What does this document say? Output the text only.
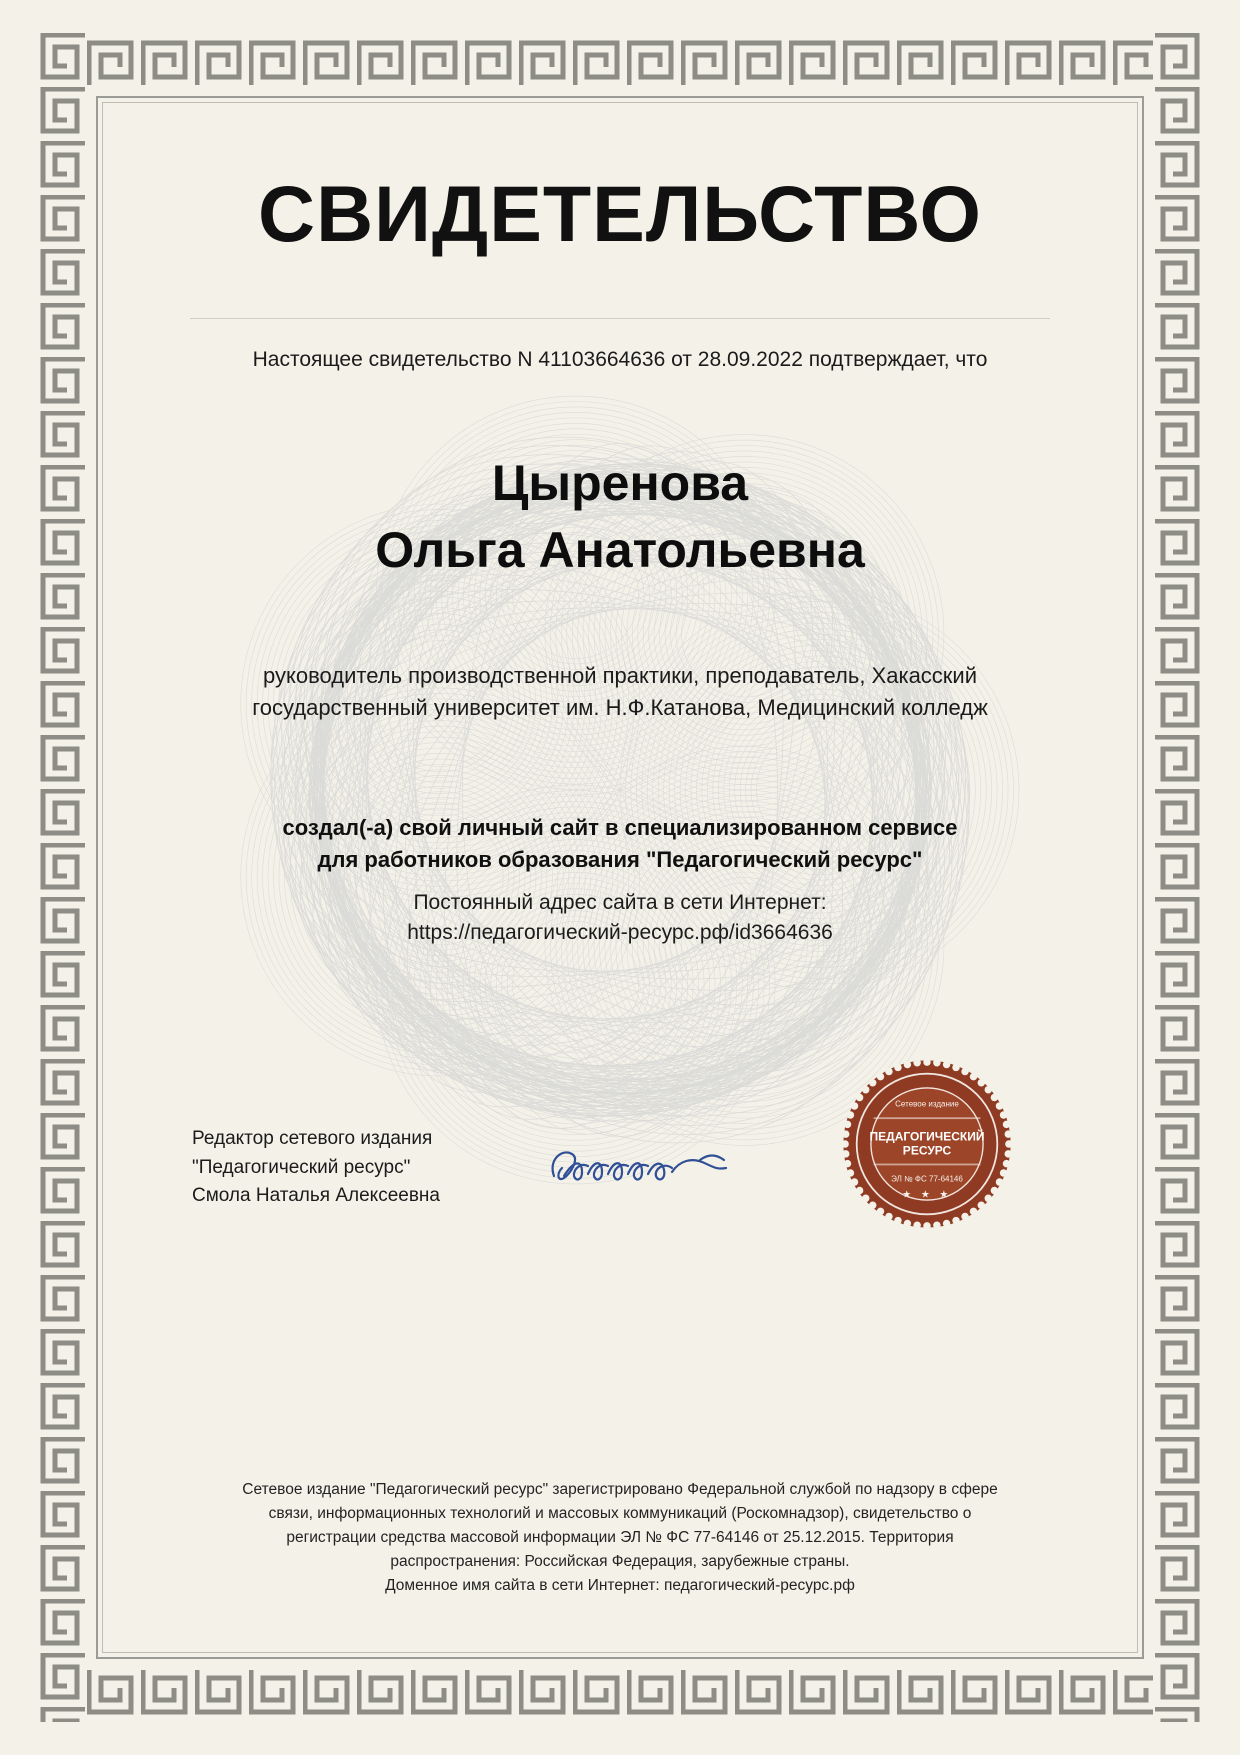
СВИДЕТЕЛЬСТВО
Настоящее свидетельство N 41103664636 от 28.09.2022 подтверждает, что
Цыренова
Ольга Анатольевна
руководитель производственной практики, преподаватель, Хакасский
государственный университет им. Н.Ф.Катанова, Медицинский колледж
создал(-а) свой личный сайт в специализированном сервисе
для работников образования "Педагогический ресурс"
Постоянный адрес сайта в сети Интернет:
https://педагогический-ресурс.рф/id3664636
Редактор сетевого издания
"Педагогический ресурс"
Смола Наталья Алексеевна
Сетевое издание
ПЕДАГОГИЧЕСКИЙ
РЕСУРС
ЭЛ № ФС 77-64146
★ ★ ★
Сетевое издание "Педагогический ресурс" зарегистрировано Федеральной службой по надзору в сфере
связи, информационных технологий и массовых коммуникаций (Роскомнадзор), свидетельство о
регистрации средства массовой информации ЭЛ № ФС 77-64146 от 25.12.2015. Территория
распространения: Российская Федерация, зарубежные страны.
Доменное имя сайта в сети Интернет: педагогический-ресурс.рф
